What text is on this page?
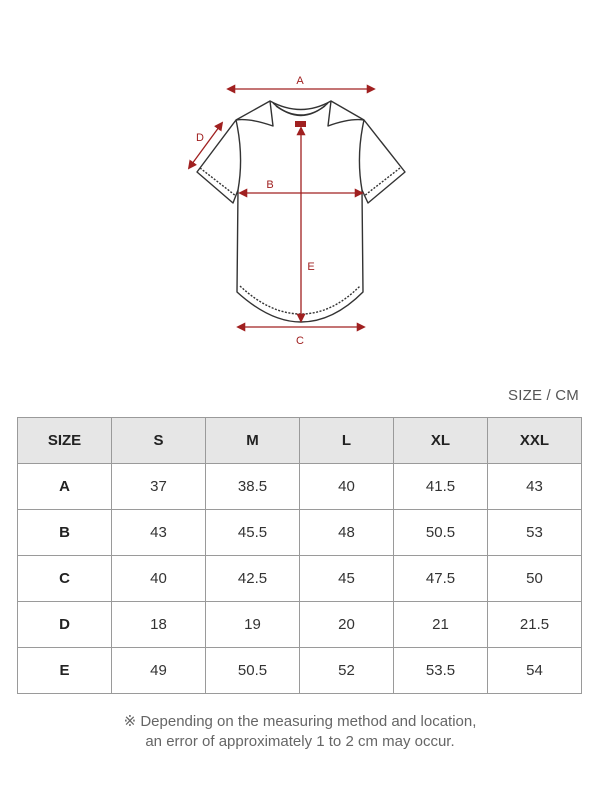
A
B
C
D
E
SIZE / CM
SIZE	S	M	L	XL	XXL
A	37	38.5	40	41.5	43
B	43	45.5	48	50.5	53
C	40	42.5	45	47.5	50
D	18	19	20	21	21.5
E	49	50.5	52	53.5	54
※ Depending on the measuring method and location,
an error of approximately 1 to 2 cm may occur.
